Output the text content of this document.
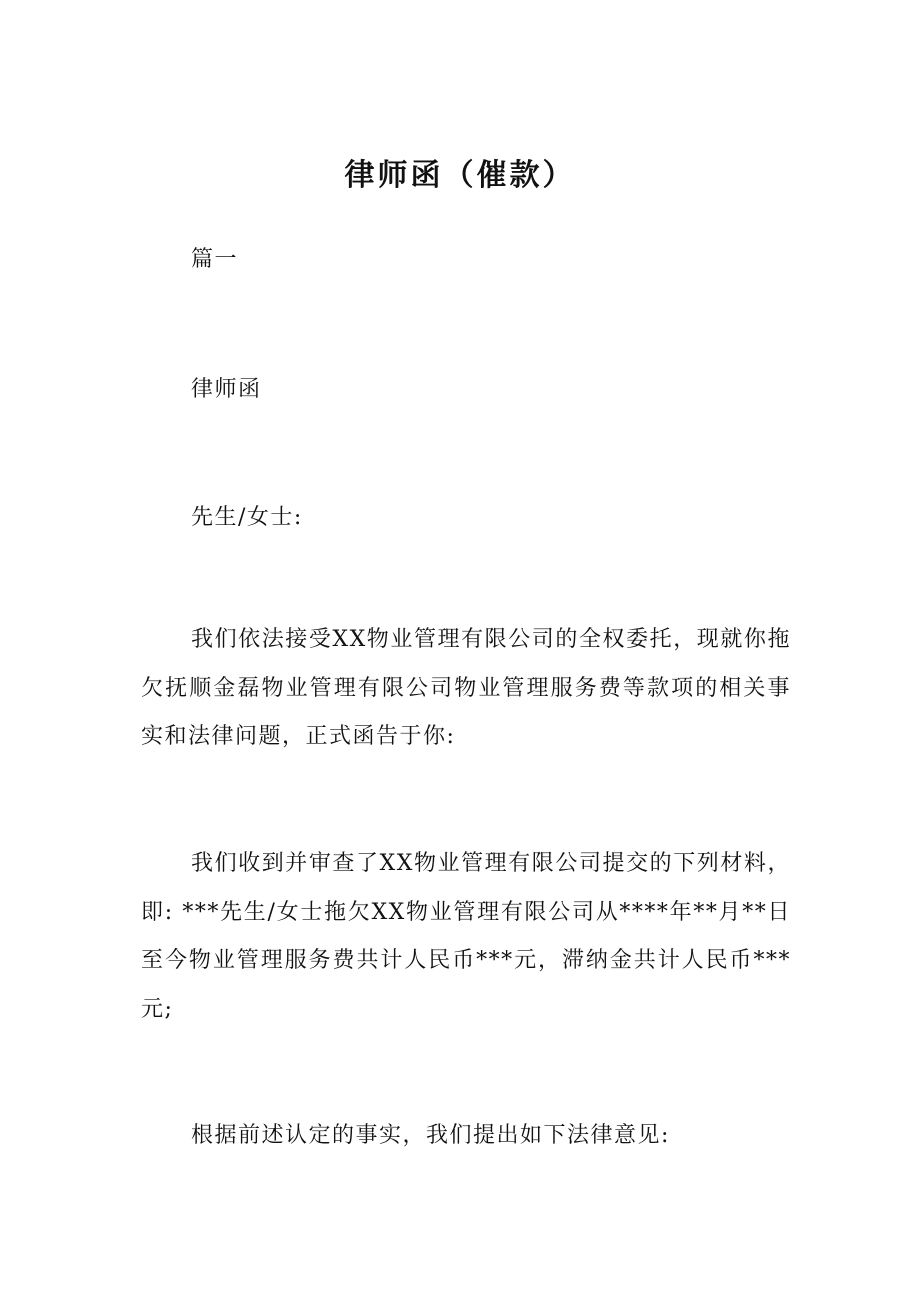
律师函（催款）
篇一
律师函
先生/女士:
我们依法接受XX物业管理有限公司的全权委托，现就你拖欠抚顺金磊物业管理有限公司物业管理服务费等款项的相关事实和法律问题，正式函告于你:
我们收到并审查了XX物业管理有限公司提交的下列材料，即: ***先生/女士拖欠XX物业管理有限公司从****年**月**日至今物业管理服务费共计人民币***元，滞纳金共计人民币***元;
根据前述认定的事实，我们提出如下法律意见:
